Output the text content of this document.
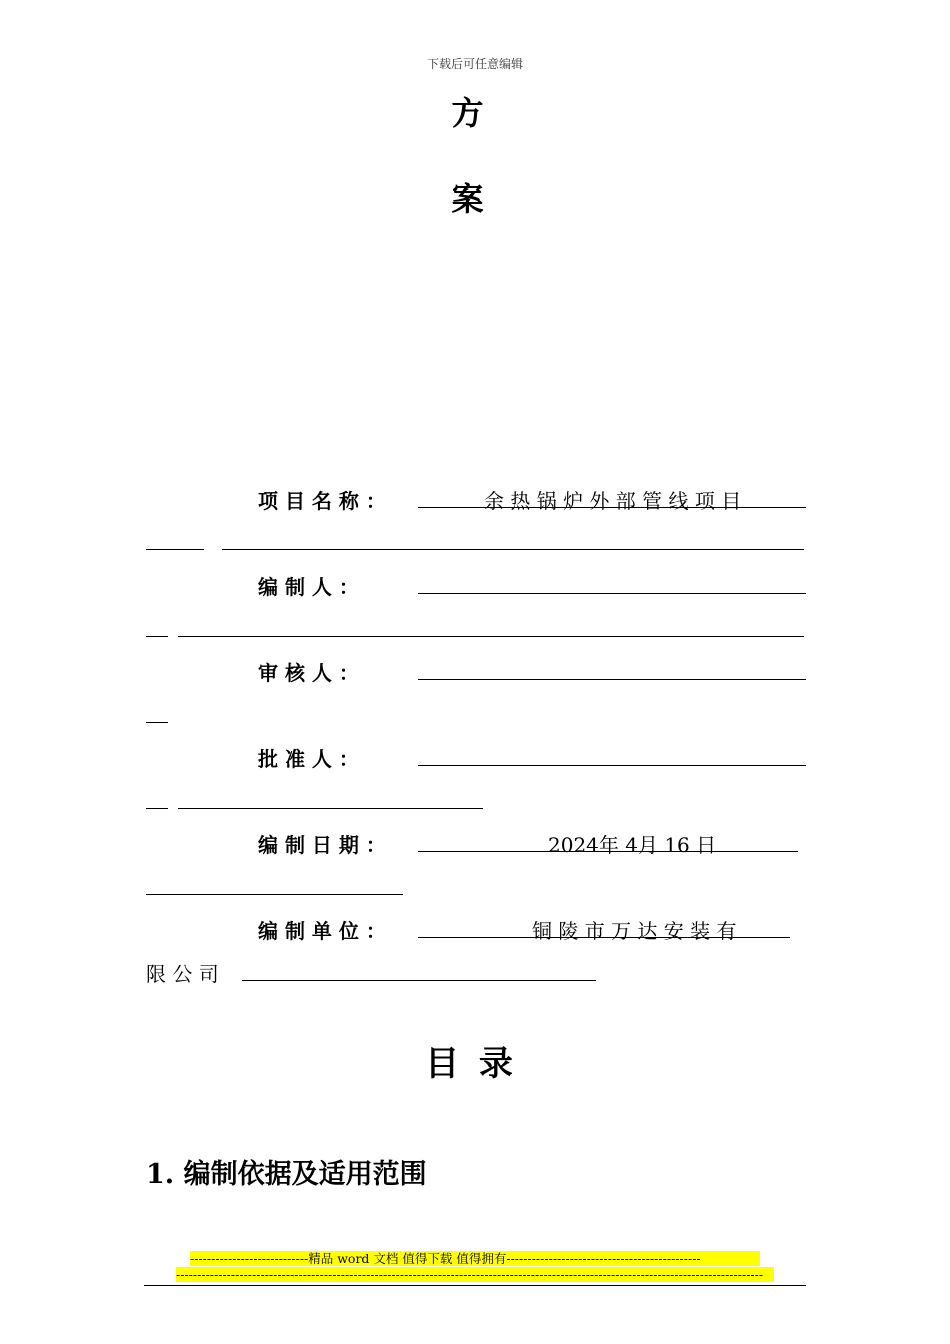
下载后可任意编辑
方
案
项 目 名 称 ：	余 热 锅 炉 外 部 管 线 项 目
编 制 人 ：
审 核 人 ：
批 准 人 ：
编 制 日 期 ：	2024年 4月 16 日
编 制 单 位 ：	铜 陵 市 万 达 安 装 有
限 公 司
目 录
1. 编制依据及适用范围
----------------------------精品 word 文档 值得下载 值得拥有----------------------------------------------
-------------------------------------------------------------------------------------------------------------------------------------------
